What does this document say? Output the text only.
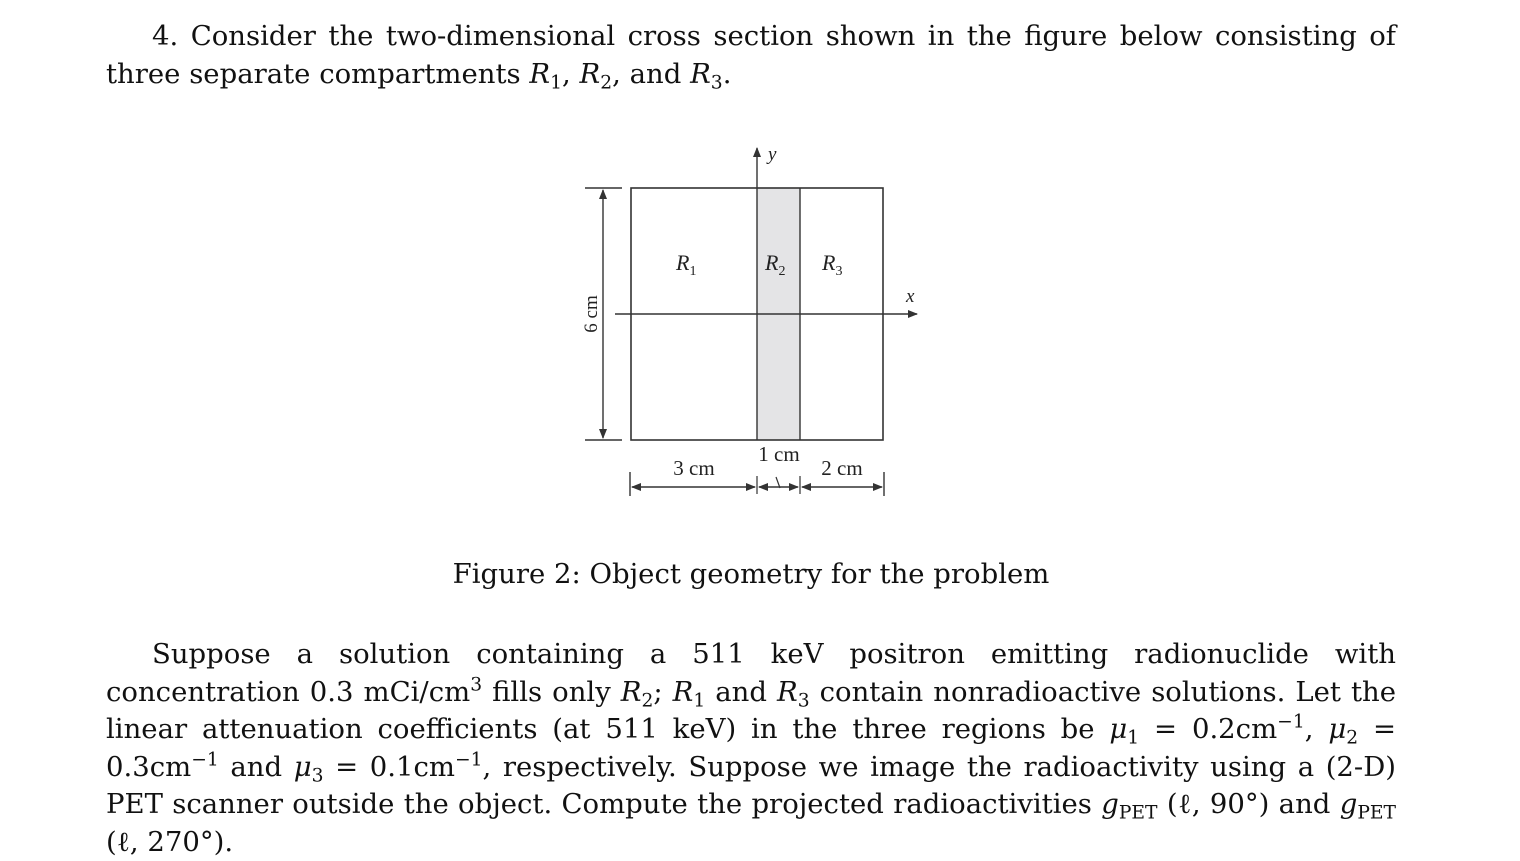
4. Consider the two-dimensional cross section shown in the figure below consisting of three separate compartments $R_1$, $R_2$, and $R_3$.

y
x
$R_1$	$R_2$ $R_3$
6 cm
3 cm
1 cm
2 cm

Figure 2: Object geometry for the problem

Suppose a solution containing a 511 keV positron emitting radionuclide with concentration 0.3 mCi/$cm^3$ fills only $R_2$; $R_1$ and $R_3$ contain nonradioactive solutions. Let the linear attenuation coefficients (at 511 keV) in the three regions be $\mu_1 = 0.2cm^{-1}$, $\mu_2 = 0.3cm^{-1}$ and $\mu_3 = 0.1cm^{-1}$, respectively. Suppose we image the radioactivity using a (2-D) PET scanner outside the object. Compute the projected radioactivities $g_{PET}$ (ℓ, 90°) and $g_{PET}$ (ℓ, 270°).
